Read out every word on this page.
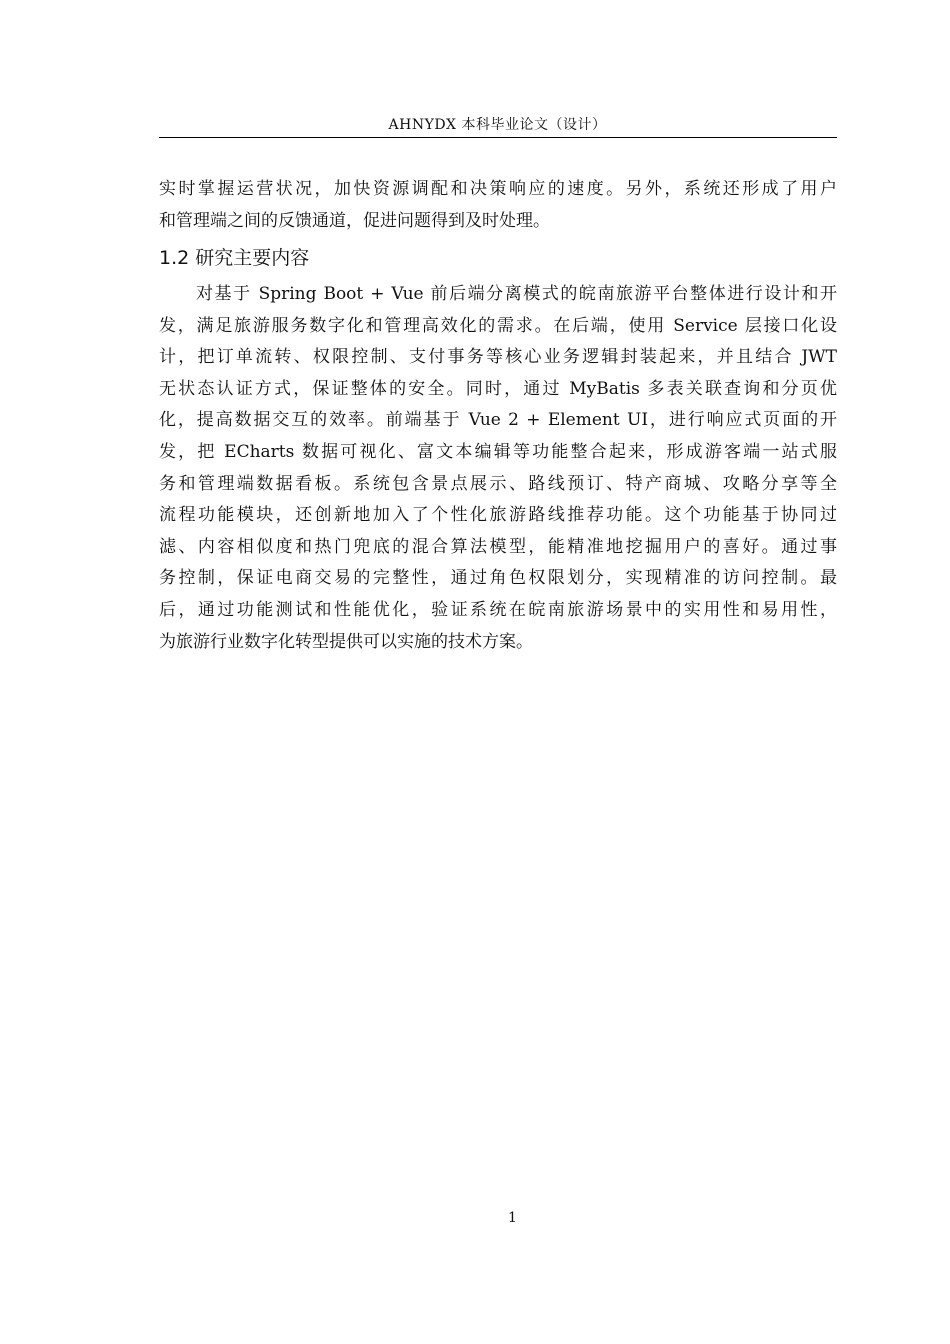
AHNYDX 本科毕业论文（设计）
实时掌握运营状况，加快资源调配和决策响应的速度。另外，系统还形成了用户
和管理端之间的反馈通道，促进问题得到及时处理。
1.2 研究主要内容
对基于 Spring Boot + Vue 前后端分离模式的皖南旅游平台整体进行设计和开
发，满足旅游服务数字化和管理高效化的需求。在后端，使用 Service 层接口化设
计，把订单流转、权限控制、支付事务等核心业务逻辑封装起来，并且结合 JWT
无状态认证方式，保证整体的安全。同时，通过 MyBatis 多表关联查询和分页优
化，提高数据交互的效率。前端基于 Vue 2 + Element UI，进行响应式页面的开
发，把 ECharts 数据可视化、富文本编辑等功能整合起来，形成游客端一站式服
务和管理端数据看板。系统包含景点展示、路线预订、特产商城、攻略分享等全
流程功能模块，还创新地加入了个性化旅游路线推荐功能。这个功能基于协同过
滤、内容相似度和热门兜底的混合算法模型，能精准地挖掘用户的喜好。通过事
务控制，保证电商交易的完整性，通过角色权限划分，实现精准的访问控制。最
后，通过功能测试和性能优化，验证系统在皖南旅游场景中的实用性和易用性，
为旅游行业数字化转型提供可以实施的技术方案。
1
